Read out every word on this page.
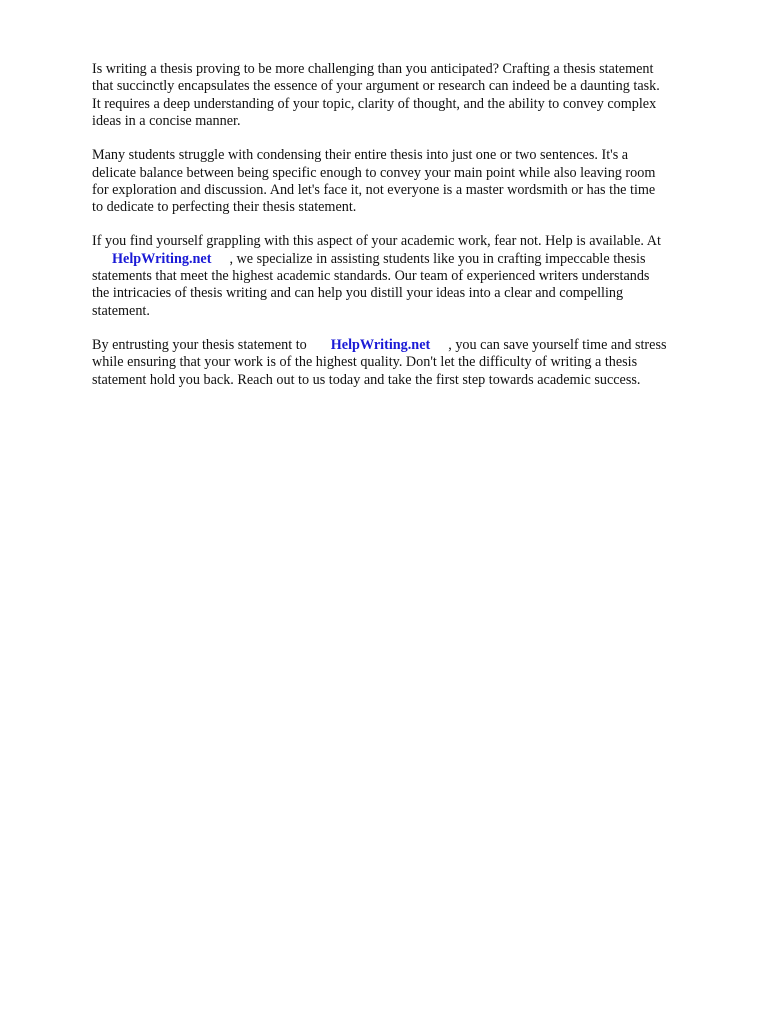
Is writing a thesis proving to be more challenging than you anticipated? Crafting a thesis statement
that succinctly encapsulates the essence of your argument or research can indeed be a daunting task.
It requires a deep understanding of your topic, clarity of thought, and the ability to convey complex
ideas in a concise manner.

Many students struggle with condensing their entire thesis into just one or two sentences. It's a
delicate balance between being specific enough to convey your main point while also leaving room
for exploration and discussion. And let's face it, not everyone is a master wordsmith or has the time
to dedicate to perfecting their thesis statement.

If you find yourself grappling with this aspect of your academic work, fear not. Help is available. At
HelpWriting.net , we specialize in assisting students like you in crafting impeccable thesis
statements that meet the highest academic standards. Our team of experienced writers understands
the intricacies of thesis writing and can help you distill your ideas into a clear and compelling
statement.

By entrusting your thesis statement to HelpWriting.net , you can save yourself time and stress
while ensuring that your work is of the highest quality. Don't let the difficulty of writing a thesis
statement hold you back. Reach out to us today and take the first step towards academic success.
